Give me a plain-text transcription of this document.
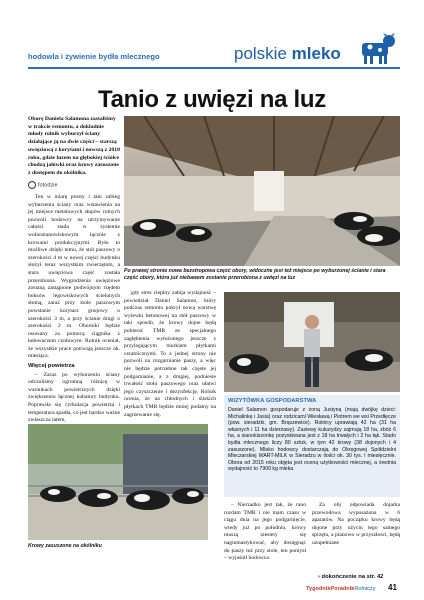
hodowla i żywienie bydła mlecznego	polskie mleko
Tanio z uwięzi na luz
Oborę Daniela Salamona zastaliśmy w trakcie remontu, a dokładnie młody rolnik wyburzył ściany działające ją na dwie części – starszą uwięziową z korytami i nowszą z 2010 roku, gdzie luzem na głębokiej ściółce chodzą jałówki oraz krowy zasuszone z dostępem do okólnika.
fotodzie

Ten w miarę prosty i tani zabieg wyburzenia ściany oraz wstawienia na jej miejsce metalowych słupów rolnych pozwoli hodowcy na utrzymywanie całości stada w systemie wolnostanowiskowym łącznie z krowami produkcyjnymi. Było to możliwe dzięki temu, że stół paszowy o szerokości 4 m w nowej części budynku służył teraz wszystkim zwierzętom, a stara uwięziowa część została przerobiona. Wygrodzenia uwięziowe zostaną zastąpione podwójnym rzędem boksów legowiskowych ścielonych słomą, zaraz przy stole paszowym powstanie korytarz gnojowy o szerokości 3 m, a przy ścianie drugi o szerokości 2 m. Oborniki będzie usuwany za pomocą ciągnika z ładowaczem czołowym. Rolnik oceniał, że wszystkie prace potrwają jeszcze ok. miesiąca.

Więcej powietrza

– Zaraz po wyburzeniu ściany odczuliśmy ogromną różnicę w warunkach powietrznych dzięki zwiększeniu łącznej kubatury budynku. Poprawiła się cyrkulacja powietrza i temperatura spadła, co jest bardzo ważne zwłaszcza latem,

Po prawej stronie nowa bezstropowa część obory, widoczne jest też miejsce po wyburzonej ścianie i stara część obory, która już niebawem zostanie przerobiona z uwięzi na luz

gdy stres cieplny zabija wydajność – powiedział Daniel Salamon, który podczas remontu pokrył nową warstwę wylewki betonowej na stół paszowy w taki sposób, że krowy dojne będą pobierać TMR ze specjalnego zagłębienia wyłożonego jeszcze z przylegającym murkiem płytkami ceramicznymi. To z jednej strony nie pozwoli na rozgarnianie paszy, a więc nie będzie potrzebne tak częste jej podgarnianie, a z drugiej, podniesie trwałość stołu paszowego oraz ułatwi jego czyszczenie i dezynfekcję. Rolnik ocenia, że na chłodnych i śliskich płytkach TMR będzie mniej podatny na zagrzewanie się.

WIZYTÓWKA GOSPODARSTWA
Daniel Salamon gospodaruje z żoną Justyną (mają dwójkę dzieci: Michalinkę i Jasia) oraz rodzicami Wiesławą i Piotrem we wsi Przedłęcze (pow. sieradzki, gm. Brąszewice). Rolnicy uprawiają 42 ha (31 ha własnych i 11 ha dzierżawy). Zasiewy kukurydzy zajmują 18 ha, zbóż 6 ha, a sianokiszonkę pozyskiwana jest z 18 ha trwałych i 2 ha łąk. Stado bydła mlecznego liczy 80 sztuk, w tym 42 krowy (38 dojonych i 4 zasuszone). Mleko hodowcy dostarczają do Okręgowej Spółdzielni Mleczarskiej WART-MILK w Sieradzu w ilości ok. 30 tys. l miesięcznie. Obora od 2015 roku objęta jest oceną użytkowości mlecznej, a średnia wydajność to 7900 kg mleka.
Krowy zasuszone na okólniku

– Nierzadko jest tak, że rano rozdam TMR i nie mam czasu w ciągu dnia na jego podgarnięcie, wtedy już po południu, krowy muszą niestety się naginmastykować, aby dosięgnąć do paszy tuż przy stole, ten pomysł – wyjaśnił hodowca.

Za obj odpowiada dojarka przewodowa wyposażona w 6 aparatów. Na początku krowy będą dojone przy użyciu tego samego sprzętu, a planowo w przyszłości, będą uzupełniane

› dokończenie na str. 42
TygodnikPoradnikRolniczy 41
